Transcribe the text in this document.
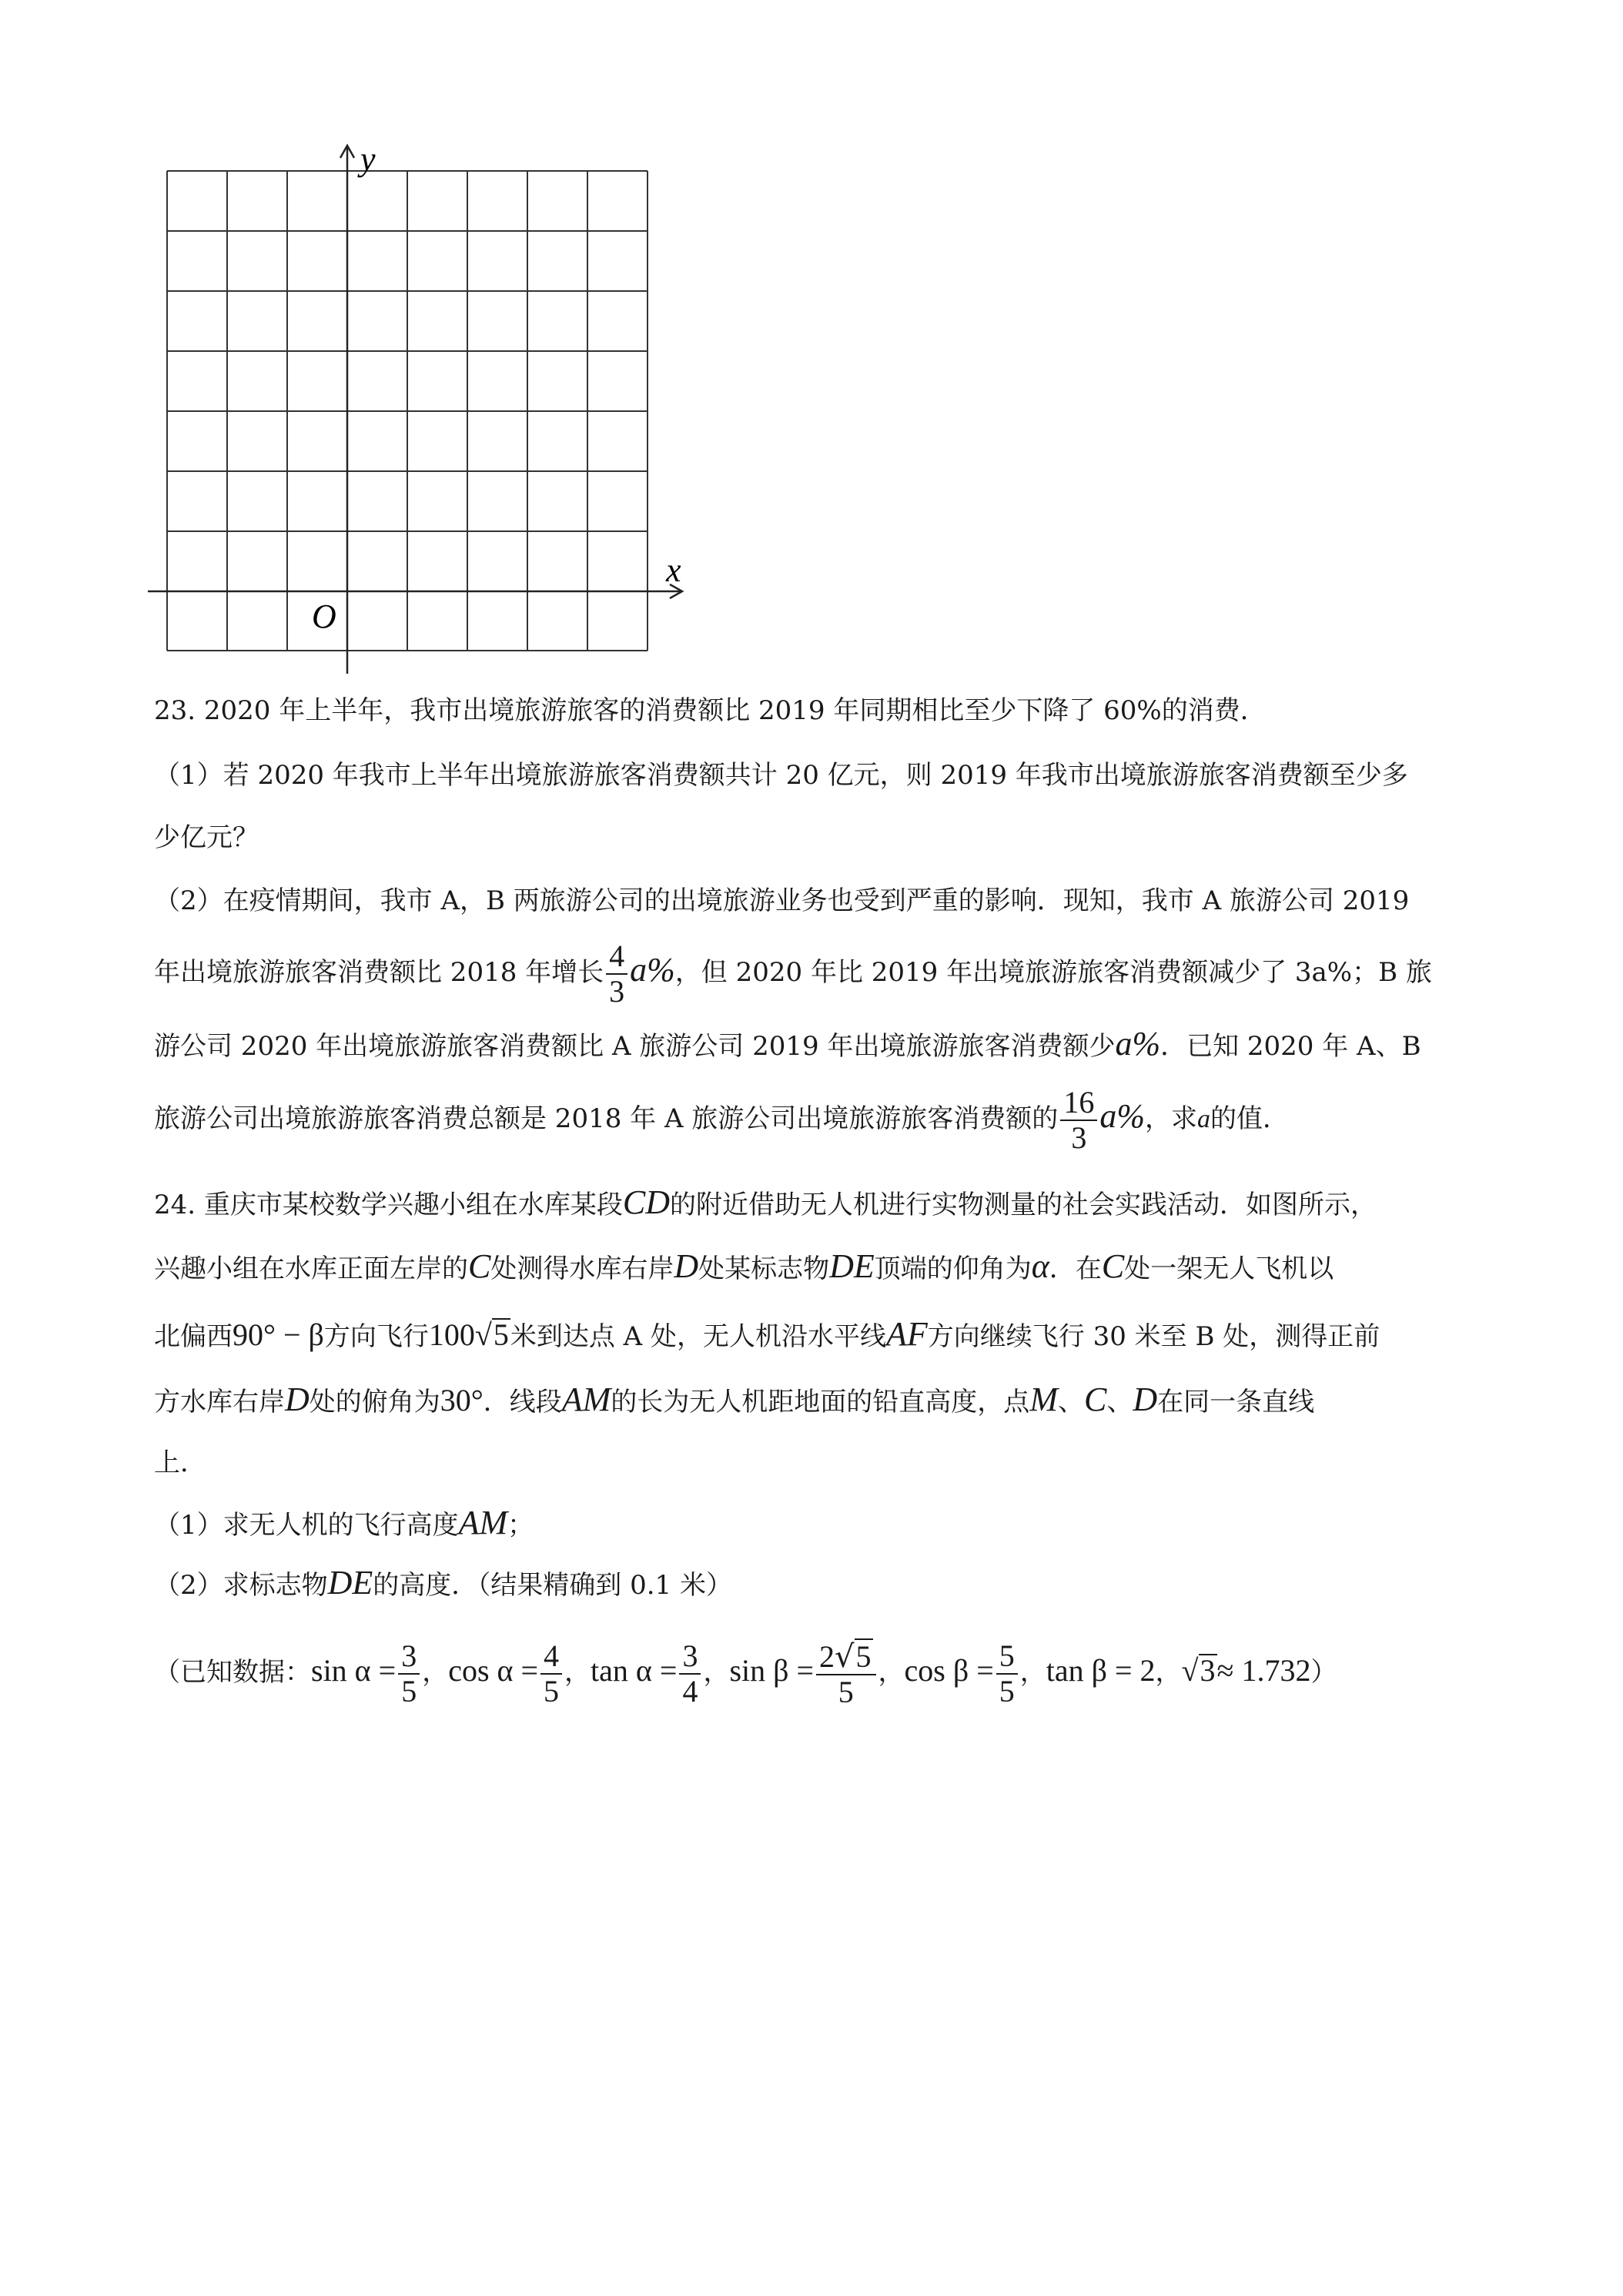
y
x
O
23. 2020 年上半年，我市出境旅游旅客的消费额比 2019 年同期相比至少下降了 60%的消费．
（1）若 2020 年我市上半年出境旅游旅客消费额共计 20 亿元，则 2019 年我市出境旅游旅客消费额至少多
少亿元？
（2）在疫情期间，我市 A，B 两旅游公司的出境旅游业务也受到严重的影响．现知，我市 A 旅游公司 2019
年出境旅游旅客消费额比 2018 年增长 $\frac{4}{3} a\%$，但 2020 年比 2019 年出境旅游旅客消费额减少了 3a%；B 旅
游公司 2020 年出境旅游旅客消费额比 A 旅游公司 2019 年出境旅游旅客消费额少a%．已知 2020 年 A、B
旅游公司出境旅游旅客消费总额是 2018 年 A 旅游公司出境旅游旅客消费额的 $\frac{16}{3} a\%$，求a的值．
24. 重庆市某校数学兴趣小组在水库某段CD的附近借助无人机进行实物测量的社会实践活动．如图所示，
兴趣小组在水库正面左岸的C处测得水库右岸D处某标志物DE顶端的仰角为α．在C处一架无人飞机以
北偏西90° − β方向飞行100√5米到达点 A 处，无人机沿水平线AF方向继续飞行 30 米至 B 处，测得正前
方水库右岸D处的俯角为30°．线段AM的长为无人机距地面的铅直高度，点M、C、D在同一条直线
上．
（1）求无人机的飞行高度AM；
（2）求标志物DE的高度．（结果精确到 0.1 米）
（已知数据：$\sin \alpha = \frac{3}{5}$ ，$\cos \alpha = \frac{4}{5}$ ，$\tan \alpha = \frac{3}{4}$ ，$\sin \beta = \frac{2√5}{5}$ ，$\cos \beta = \frac{5}{5}$ ，tan β = 2，√3≈ 1.732）
